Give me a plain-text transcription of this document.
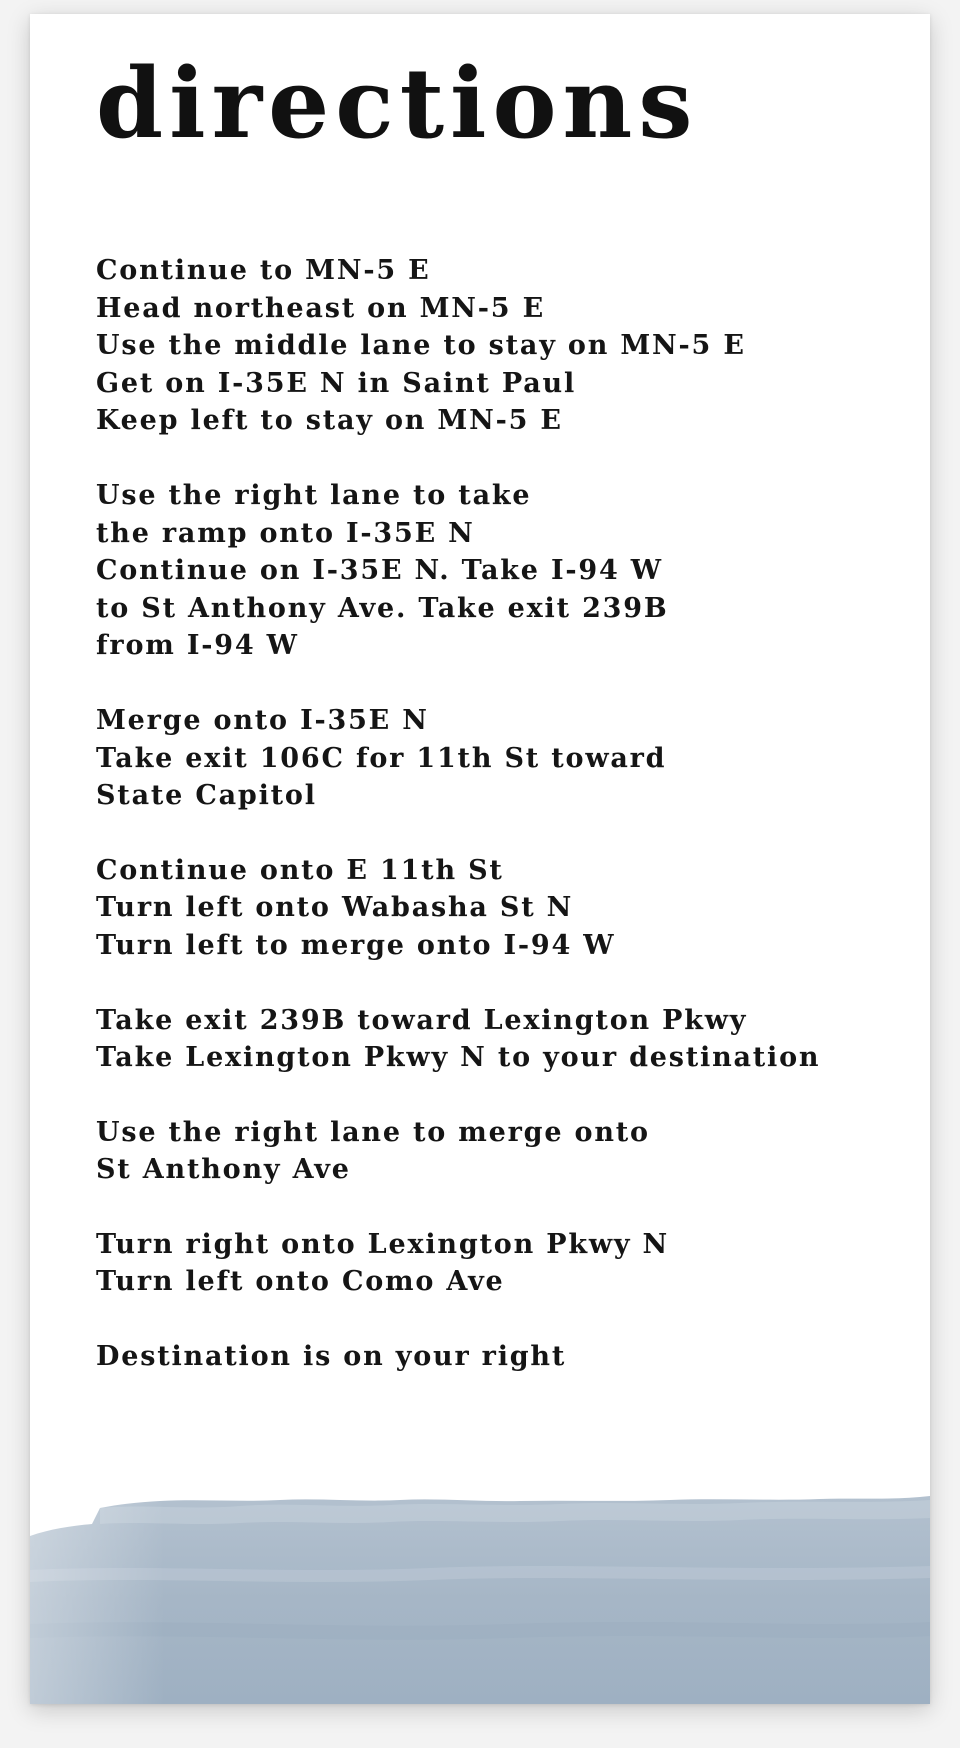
directions
Continue to MN-5 E
Head northeast on MN-5 E
Use the middle lane to stay on MN-5 E
Get on I-35E N in Saint Paul
Keep left to stay on MN-5 E
Use the right lane to take
the ramp onto I-35E N
Continue on I-35E N. Take I-94 W
to St Anthony Ave. Take exit 239B
from I-94 W
Merge onto I-35E N
Take exit 106C for 11th St toward
State Capitol
Continue onto E 11th St
Turn left onto Wabasha St N
Turn left to merge onto I-94 W
Take exit 239B toward Lexington Pkwy
Take Lexington Pkwy N to your destination
Use the right lane to merge onto
St Anthony Ave
Turn right onto Lexington Pkwy N
Turn left onto Como Ave
Destination is on your right
